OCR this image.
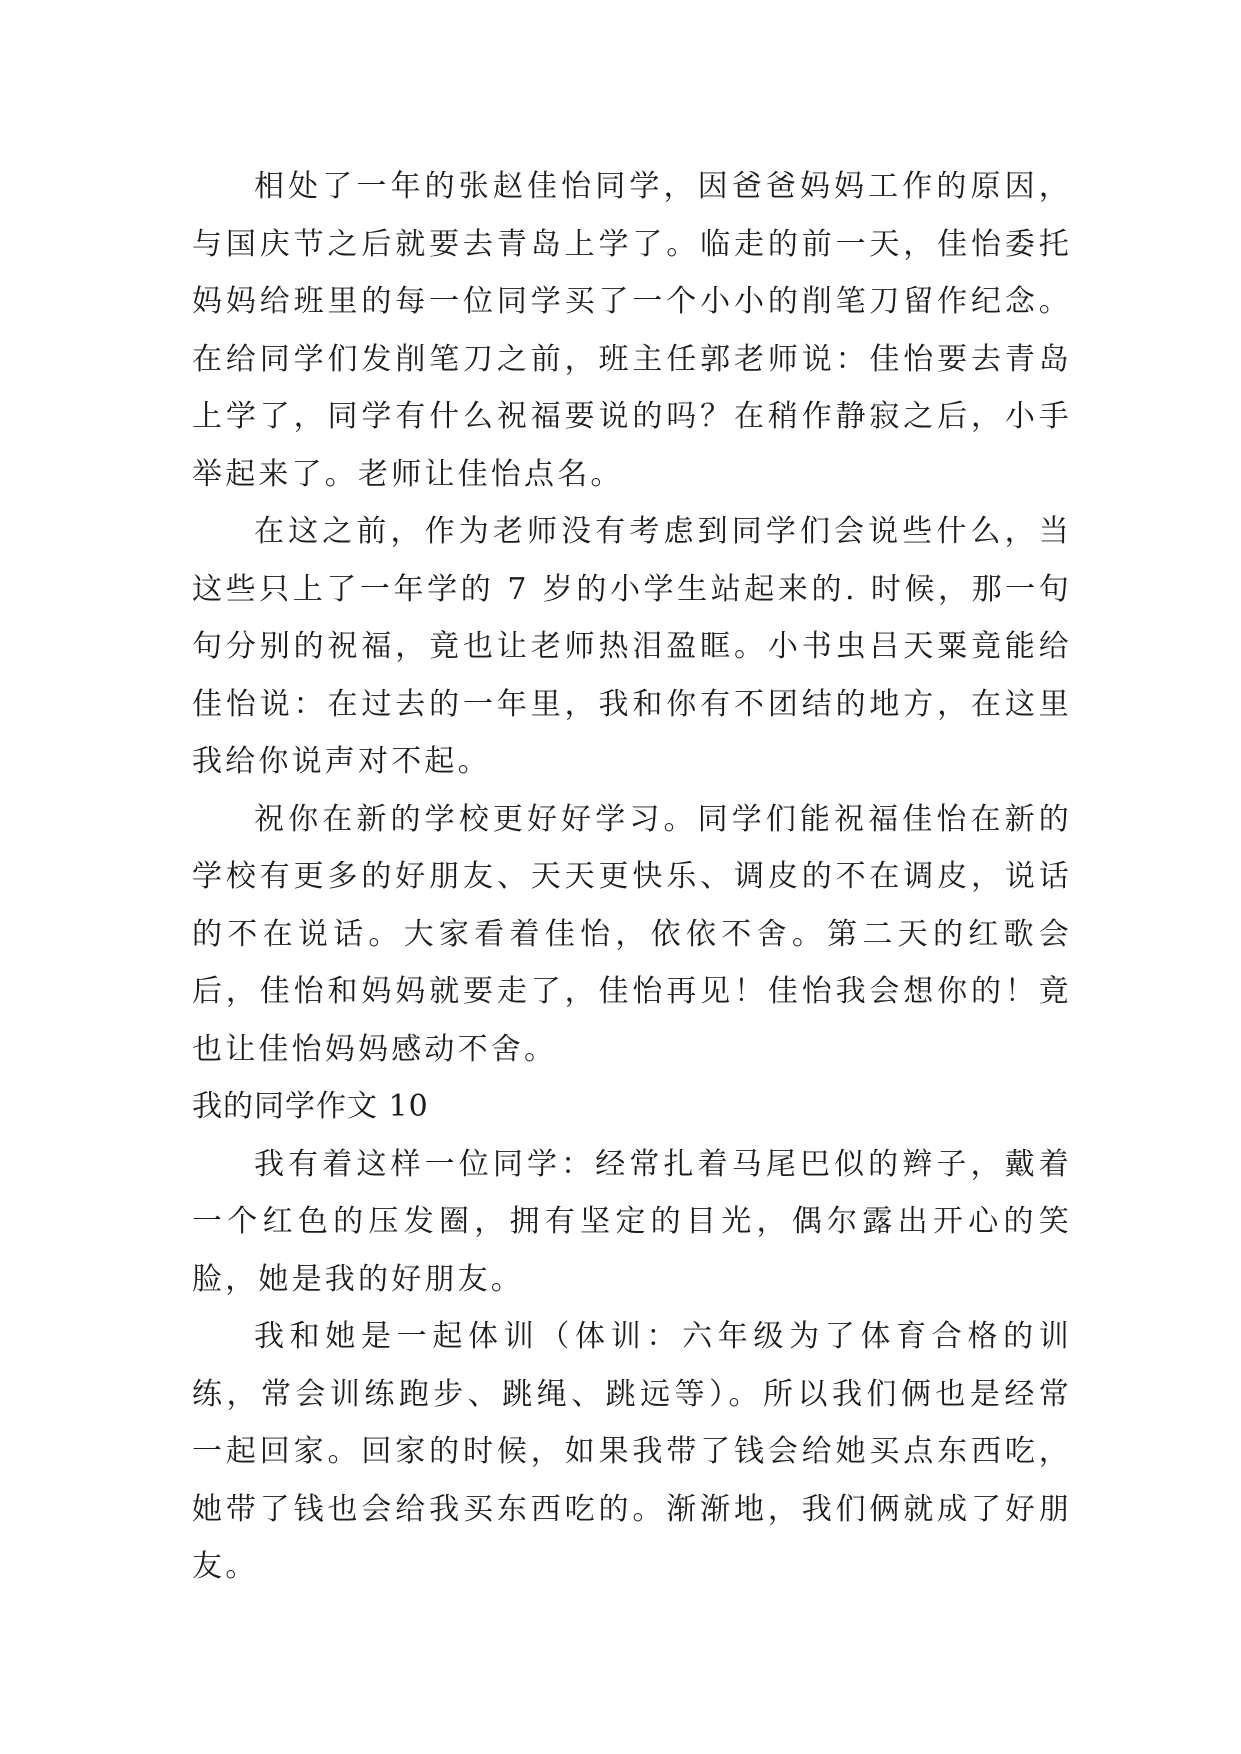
相处了一年的张赵佳怡同学，因爸爸妈妈工作的原因，与国庆节之后就要去青岛上学了。临走的前一天，佳怡委托妈妈给班里的每一位同学买了一个小小的削笔刀留作纪念。在给同学们发削笔刀之前，班主任郭老师说：佳怡要去青岛上学了，同学有什么祝福要说的吗？在稍作静寂之后，小手举起来了。老师让佳怡点名。

在这之前，作为老师没有考虑到同学们会说些什么，当这些只上了一年学的 7 岁的小学生站起来的. 时候，那一句句分别的祝福，竟也让老师热泪盈眶。小书虫吕天粟竟能给佳怡说：在过去的一年里，我和你有不团结的地方，在这里我给你说声对不起。

祝你在新的学校更好好学习。同学们能祝福佳怡在新的学校有更多的好朋友、天天更快乐、调皮的不在调皮，说话的不在说话。大家看着佳怡，依依不舍。第二天的红歌会后，佳怡和妈妈就要走了，佳怡再见！佳怡我会想你的！竟也让佳怡妈妈感动不舍。

我的同学作文 10

我有着这样一位同学：经常扎着马尾巴似的辫子，戴着一个红色的压发圈，拥有坚定的目光，偶尔露出开心的笑脸，她是我的好朋友。

我和她是一起体训（体训：六年级为了体育合格的训练，常会训练跑步、跳绳、跳远等）。所以我们俩也是经常一起回家。回家的时候，如果我带了钱会给她买点东西吃，她带了钱也会给我买东西吃的。渐渐地，我们俩就成了好朋友。
